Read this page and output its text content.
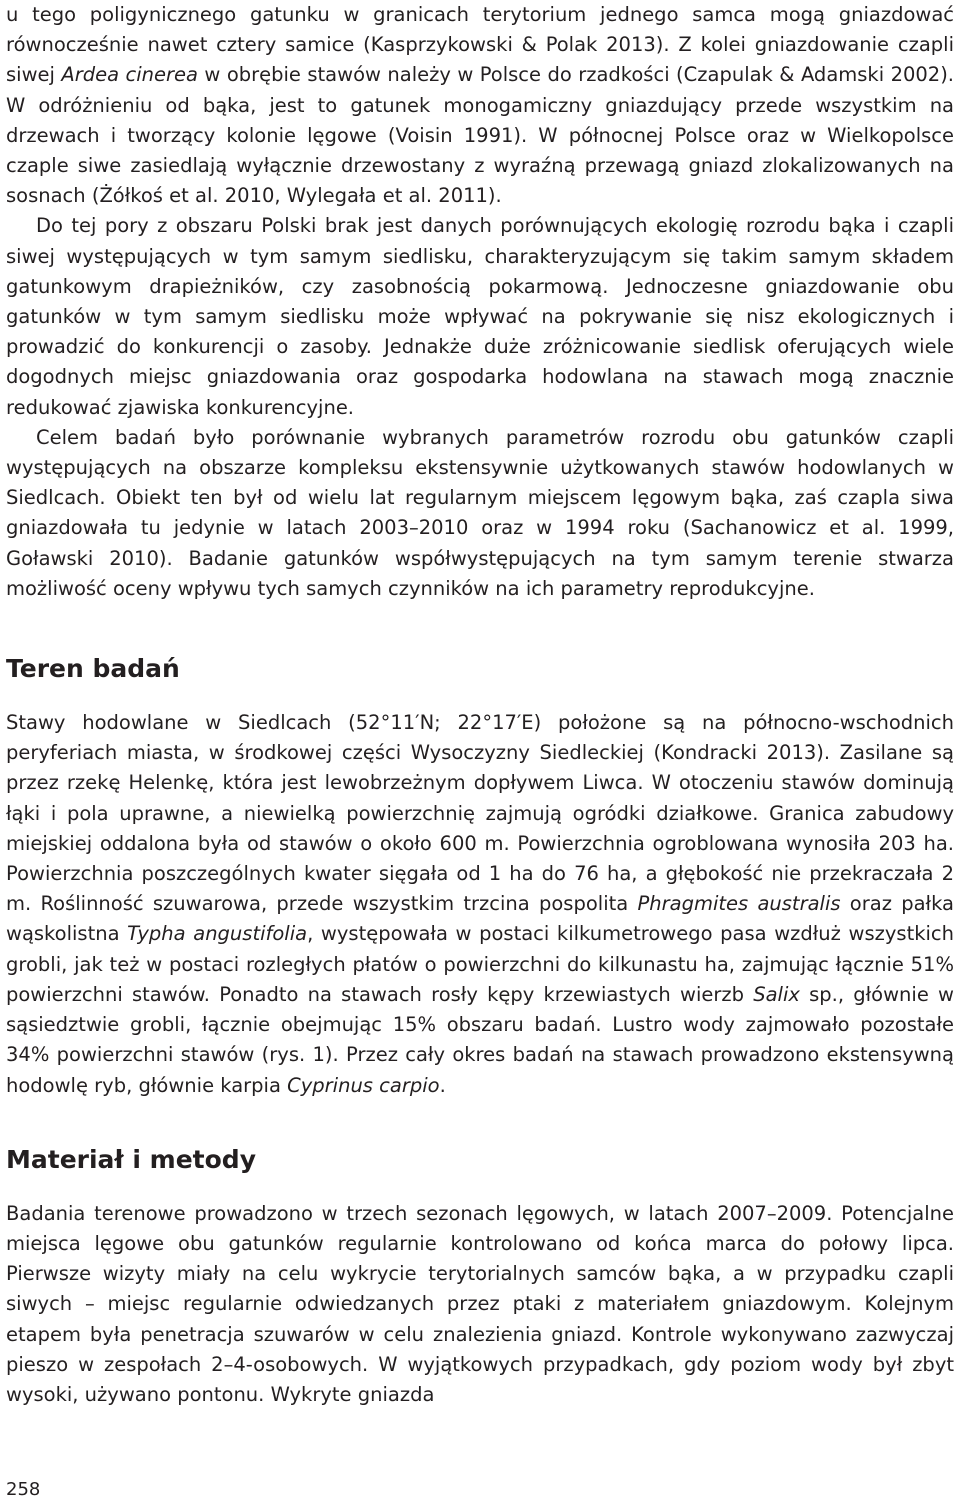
u tego poligynicznego gatunku w granicach terytorium jednego samca mogą gniazdować równocześnie nawet cztery samice (Kasprzykowski & Polak 2013). Z kolei gniazdowanie czapli siwej Ardea cinerea w obrębie stawów należy w Polsce do rzadkości (Czapulak & Adamski 2002). W odróżnieniu od bąka, jest to gatunek monogamiczny gniazdujący przede wszystkim na drzewach i tworzący kolonie lęgowe (Voisin 1991). W północnej Polsce oraz w Wielkopolsce czaple siwe zasiedlają wyłącznie drzewostany z wyraźną przewagą gniazd zlokalizowanych na sosnach (Żółkoś et al. 2010, Wylegała et al. 2011).

Do tej pory z obszaru Polski brak jest danych porównujących ekologię rozrodu bąka i czapli siwej występujących w tym samym siedlisku, charakteryzującym się takim samym składem gatunkowym drapieżników, czy zasobnością pokarmową. Jednoczesne gniazdowanie obu gatunków w tym samym siedlisku może wpływać na pokrywanie się nisz ekologicznych i prowadzić do konkurencji o zasoby. Jednakże duże zróżnicowanie siedlisk oferujących wiele dogodnych miejsc gniazdowania oraz gospodarka hodowlana na stawach mogą znacznie redukować zjawiska konkurencyjne.

Celem badań było porównanie wybranych parametrów rozrodu obu gatunków czapli występujących na obszarze kompleksu ekstensywnie użytkowanych stawów hodowlanych w Siedlcach. Obiekt ten był od wielu lat regularnym miejscem lęgowym bąka, zaś czapla siwa gniazdowała tu jedynie w latach 2003–2010 oraz w 1994 roku (Sachanowicz et al. 1999, Goławski 2010). Badanie gatunków współwystępujących na tym samym terenie stwarza możliwość oceny wpływu tych samych czynników na ich parametry reprodukcyjne.

Teren badań

Stawy hodowlane w Siedlcach (52°11′N; 22°17′E) położone są na północno-wschodnich peryferiach miasta, w środkowej części Wysoczyzny Siedleckiej (Kondracki 2013). Zasilane są przez rzekę Helenkę, która jest lewobrzeżnym dopływem Liwca. W otoczeniu stawów dominują łąki i pola uprawne, a niewielką powierzchnię zajmują ogródki działkowe. Granica zabudowy miejskiej oddalona była od stawów o około 600 m. Powierzchnia ogroblowana wynosiła 203 ha. Powierzchnia poszczególnych kwater sięgała od 1 ha do 76 ha, a głębokość nie przekraczała 2 m. Roślinność szuwarowa, przede wszystkim trzcina pospolita Phragmites australis oraz pałka wąskolistna Typha angustifolia, występowała w postaci kilkumetrowego pasa wzdłuż wszystkich grobli, jak też w postaci rozległych płatów o powierzchni do kilkunastu ha, zajmując łącznie 51% powierzchni stawów. Ponadto na stawach rosły kępy krzewiastych wierzb Salix sp., głównie w sąsiedztwie grobli, łącznie obejmując 15% obszaru badań. Lustro wody zajmowało pozostałe 34% powierzchni stawów (rys. 1). Przez cały okres badań na stawach prowadzono ekstensywną hodowlę ryb, głównie karpia Cyprinus carpio.

Materiał i metody

Badania terenowe prowadzono w trzech sezonach lęgowych, w latach 2007–2009. Potencjalne miejsca lęgowe obu gatunków regularnie kontrolowano od końca marca do połowy lipca. Pierwsze wizyty miały na celu wykrycie terytorialnych samców bąka, a w przypadku czapli siwych – miejsc regularnie odwiedzanych przez ptaki z materiałem gniazdowym. Kolejnym etapem była penetracja szuwarów w celu znalezienia gniazd. Kontrole wykonywano zazwyczaj pieszo w zespołach 2–4-osobowych. W wyjątkowych przypadkach, gdy poziom wody był zbyt wysoki, używano pontonu. Wykryte gniazda

258
